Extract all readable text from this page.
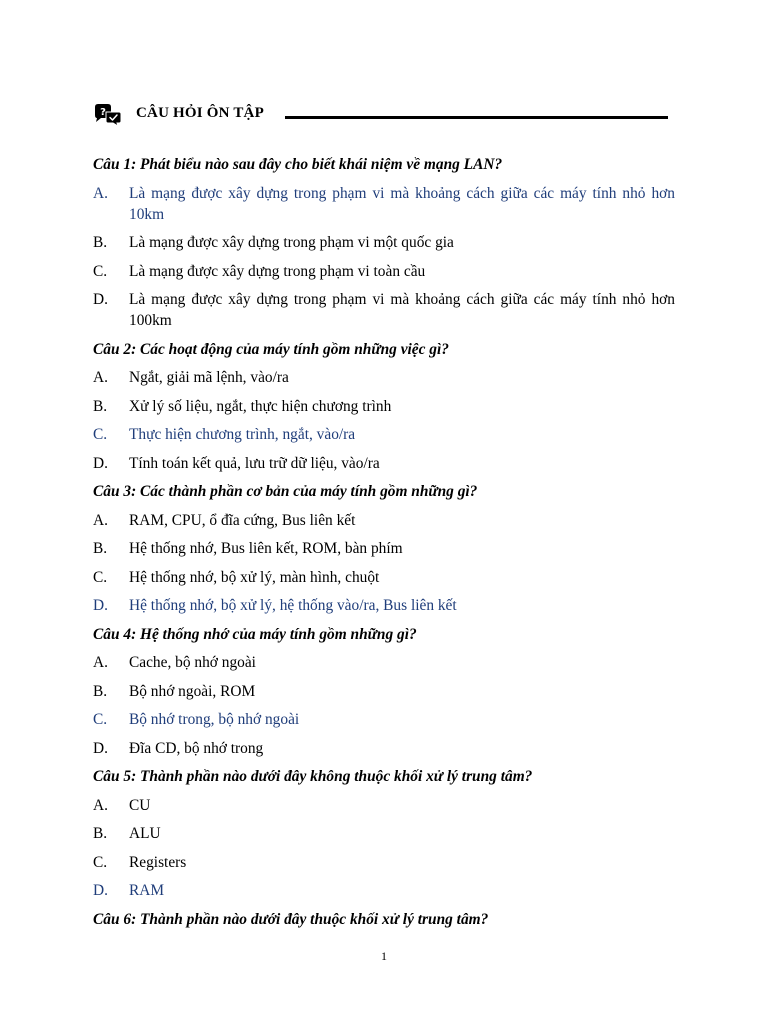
? CÂU HỎI ÔN TẬP
Câu 1: Phát biểu nào sau đây cho biết khái niệm về mạng LAN?
A. Là mạng được xây dựng trong phạm vi mà khoảng cách giữa các máy tính nhỏ hơn 10km
B. Là mạng được xây dựng trong phạm vi một quốc gia
C. Là mạng được xây dựng trong phạm vi toàn cầu
D. Là mạng được xây dựng trong phạm vi mà khoảng cách giữa các máy tính nhỏ hơn 100km
Câu 2: Các hoạt động của máy tính gồm những việc gì?
A. Ngắt, giải mã lệnh, vào/ra
B. Xử lý số liệu, ngắt, thực hiện chương trình
C. Thực hiện chương trình, ngắt, vào/ra
D. Tính toán kết quả, lưu trữ dữ liệu, vào/ra
Câu 3: Các thành phần cơ bản của máy tính gồm những gì?
A. RAM, CPU, ổ đĩa cứng, Bus liên kết
B. Hệ thống nhớ, Bus liên kết, ROM, bàn phím
C. Hệ thống nhớ, bộ xử lý, màn hình, chuột
D. Hệ thống nhớ, bộ xử lý, hệ thống vào/ra, Bus liên kết
Câu 4: Hệ thống nhớ của máy tính gồm những gì?
A. Cache, bộ nhớ ngoài
B. Bộ nhớ ngoài, ROM
C. Bộ nhớ trong, bộ nhớ ngoài
D. Đĩa CD, bộ nhớ trong
Câu 5: Thành phần nào dưới đây không thuộc khối xử lý trung tâm?
A. CU
B. ALU
C. Registers
D. RAM
Câu 6: Thành phần nào dưới đây thuộc khối xử lý trung tâm?
1
